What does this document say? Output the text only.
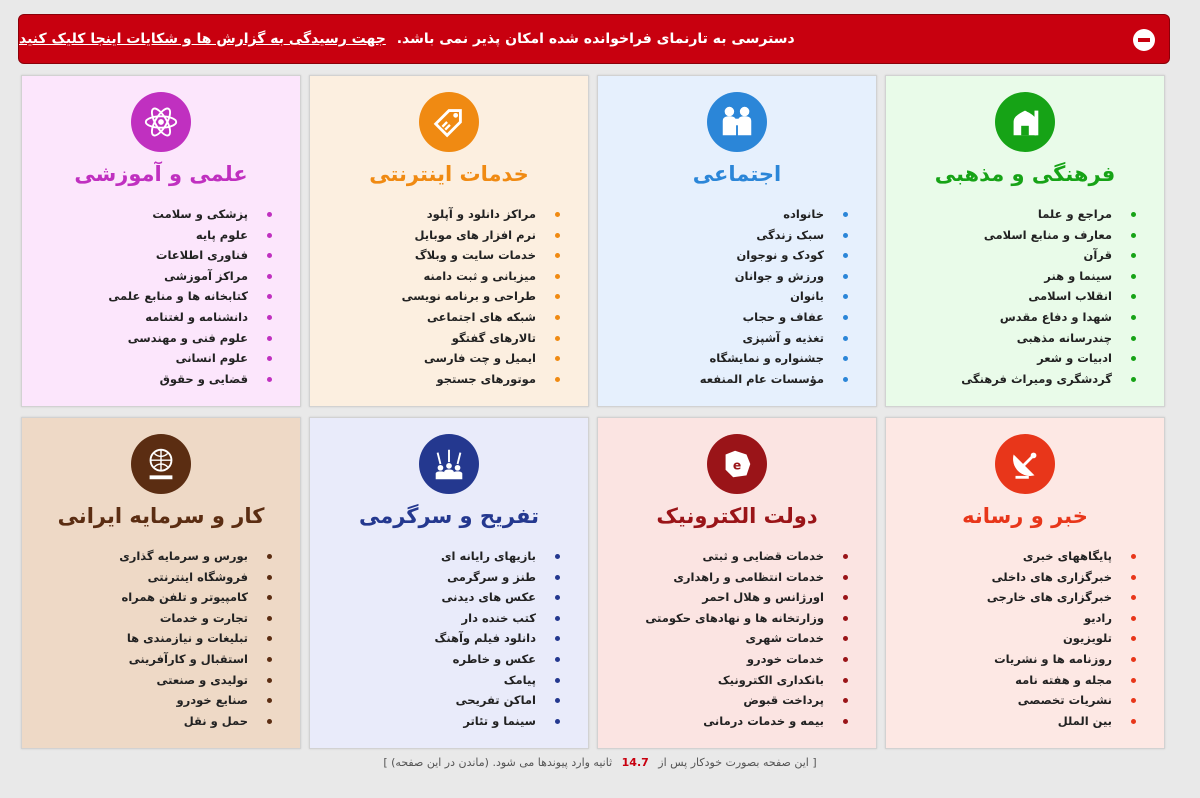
دسترسی به تارنمای فراخوانده شده امکان پذیر نمی باشد. جهت رسیدگی به گزارش ها و شکایات اینجا کلیک کنید
فرهنگی و مذهبی
مراجع و علما
معارف و منابع اسلامی
قرآن
سینما و هنر
انقلاب اسلامی
شهدا و دفاع مقدس
چندرسانه مذهبی
ادبیات و شعر
گردشگری ومیراث فرهنگی
اجتماعی
خانواده
سبک زندگی
کودک و نوجوان
ورزش و جوانان
بانوان
عفاف و حجاب
تغذیه و آشپزی
جشنواره و نمایشگاه
مؤسسات عام المنفعه
خدمات اینترنتی
مراکز دانلود و آپلود
نرم افزار های موبایل
خدمات سایت و وبلاگ
میزبانی و ثبت دامنه
طراحی و برنامه نویسی
شبکه های اجتماعی
تالارهای گفتگو
ایمیل و چت فارسی
موتورهای جستجو
علمی و آموزشی
پزشکی و سلامت
علوم پایه
فناوری اطلاعات
مراکز آموزشی
کتابخانه ها و منابع علمی
دانشنامه و لغتنامه
علوم فنی و مهندسی
علوم انسانی
قضایی و حقوق
خبر و رسانه
پایگاههای خبری
خبرگزاری های داخلی
خبرگزاری های خارجی
رادیو
تلویزیون
روزنامه ها و نشریات
مجله و هفته نامه
نشریات تخصصی
بین الملل
e
دولت الکترونیک
خدمات قضایی و ثبتی
خدمات انتظامی و راهداری
اورژانس و هلال احمر
وزارتخانه ها و نهادهای حکومتی
خدمات شهری
خدمات خودرو
بانکداری الکترونیک
پرداخت قبوض
بیمه و خدمات درمانی
تفریح و سرگرمی
بازیهای رایانه ای
طنز و سرگرمی
عکس های دیدنی
کتب خنده دار
دانلود فیلم وآهنگ
عکس و خاطره
پیامک
اماکن تفریحی
سینما و تئاتر
کار و سرمایه ایرانی
بورس و سرمایه گذاری
فروشگاه اینترنتی
کامپیوتر و تلفن همراه
تجارت و خدمات
تبلیغات و نیازمندی ها
استقبال و کارآفرینی
تولیدی و صنعتی
صنایع خودرو
حمل و نقل
[ این صفحه بصورت خودکار پس از 14.7 ثانیه وارد پیوندها می شود. (ماندن در این صفحه) ]
